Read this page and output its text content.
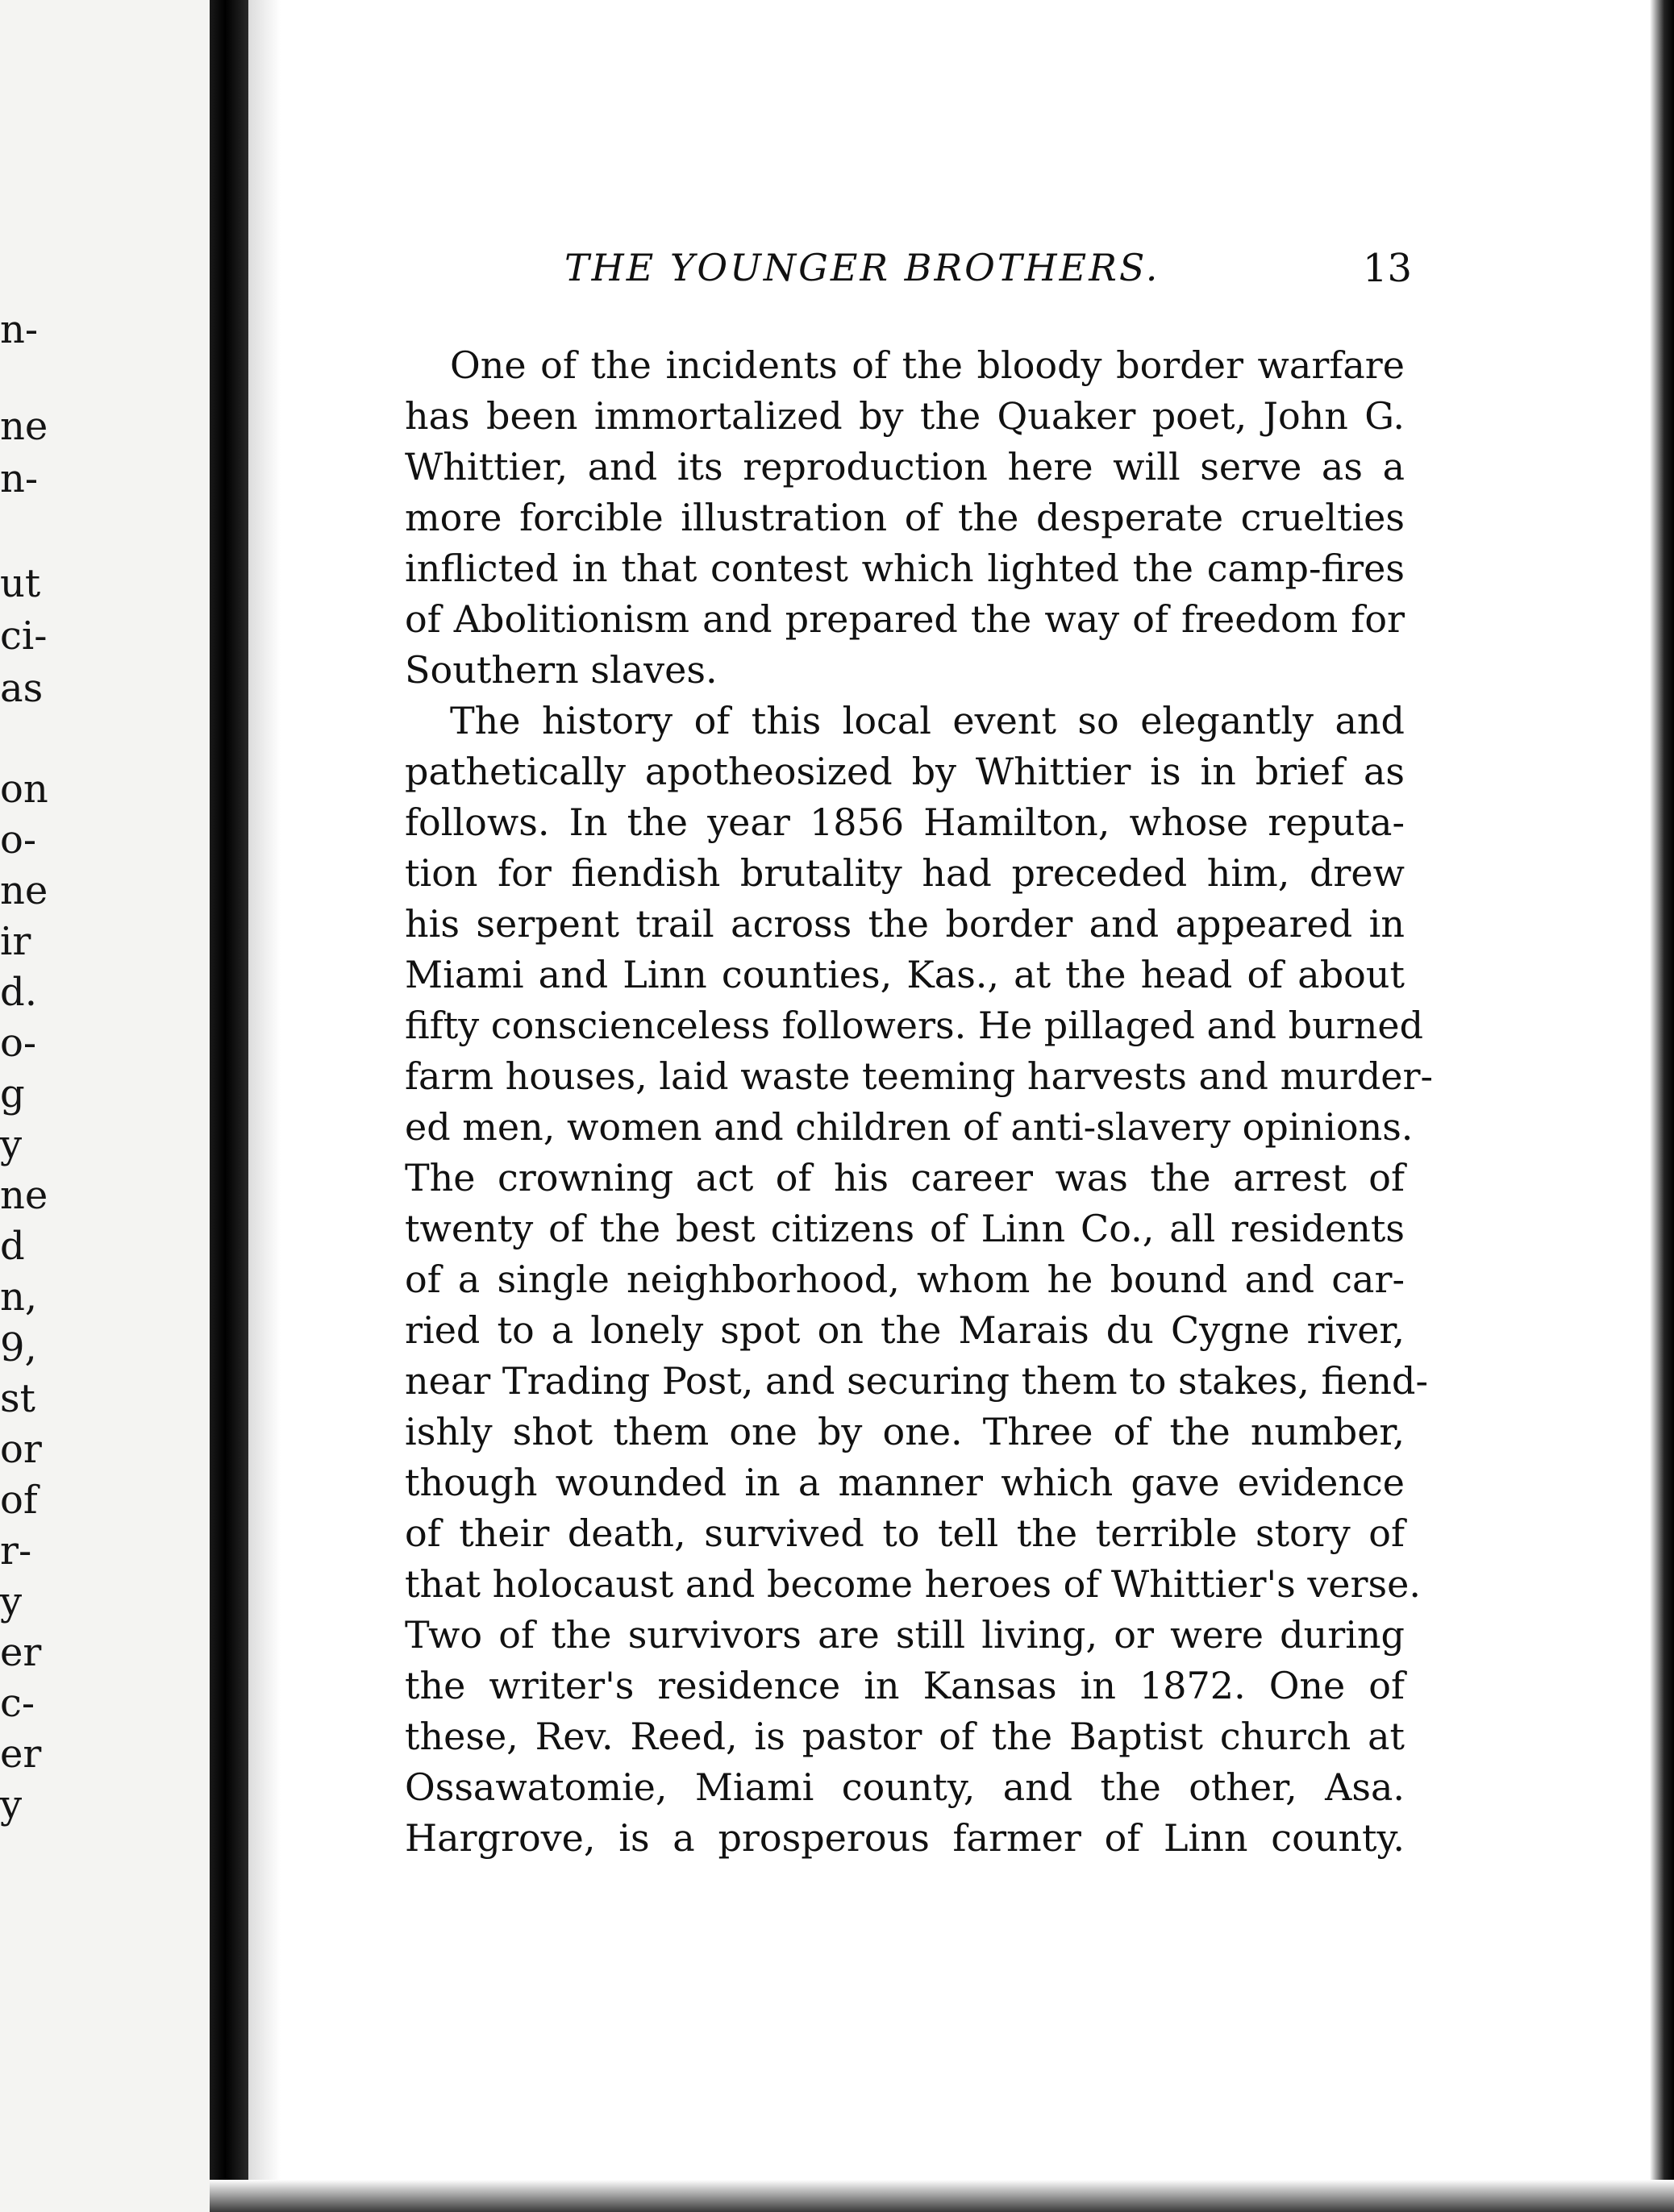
n-
ne
n-
ut
ci-
as
on
o-
ne
ir
d.
o-
g
y
ne
d
n,
9,
st
or
of
r-
y
er
c-
er
y
THE YOUNGER BROTHERS.	13
One of the incidents of the bloody border warfare
has been immortalized by the Quaker poet, John G.
Whittier, and its reproduction here will serve as a
more forcible illustration of the desperate cruelties
inflicted in that contest which lighted the camp-fires
of Abolitionism and prepared the way of freedom for
Southern slaves.
The history of this local event so elegantly and
pathetically apotheosized by Whittier is in brief as
follows. In the year 1856 Hamilton, whose reputa-
tion for fiendish brutality had preceded him, drew
his serpent trail across the border and appeared in
Miami and Linn counties, Kas., at the head of about
fifty conscienceless followers. He pillaged and burned
farm houses, laid waste teeming harvests and murder-
ed men, women and children of anti-slavery opinions.
The crowning act of his career was the arrest of
twenty of the best citizens of Linn Co., all residents
of a single neighborhood, whom he bound and car-
ried to a lonely spot on the Marais du Cygne river,
near Trading Post, and securing them to stakes, fiend-
ishly shot them one by one. Three of the number,
though wounded in a manner which gave evidence
of their death, survived to tell the terrible story of
that holocaust and become heroes of Whittier's verse.
Two of the survivors are still living, or were during
the writer's residence in Kansas in 1872. One of
these, Rev. Reed, is pastor of the Baptist church at
Ossawatomie, Miami county, and the other, Asa.
Hargrove, is a prosperous farmer of Linn county.
